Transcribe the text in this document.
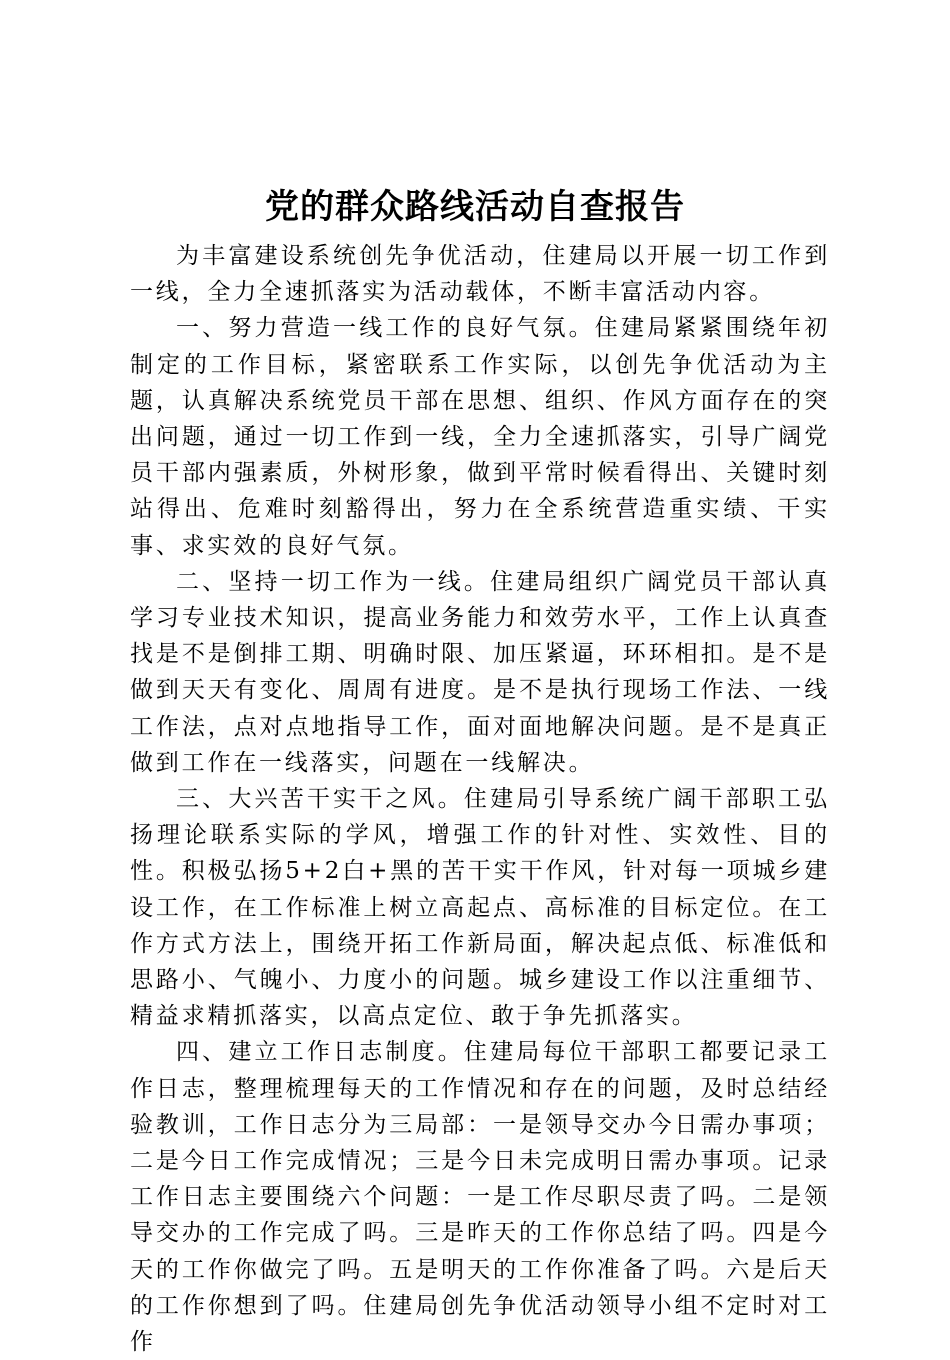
党的群众路线活动自查报告

为丰富建设系统创先争优活动，住建局以开展一切工作到一线，全力全速抓落实为活动载体，不断丰富活动内容。

一、努力营造一线工作的良好气氛。住建局紧紧围绕年初制定的工作目标，紧密联系工作实际，以创先争优活动为主题，认真解决系统党员干部在思想、组织、作风方面存在的突出问题，通过一切工作到一线，全力全速抓落实，引导广阔党员干部内强素质，外树形象，做到平常时候看得出、关键时刻站得出、危难时刻豁得出，努力在全系统营造重实绩、干实事、求实效的良好气氛。

二、坚持一切工作为一线。住建局组织广阔党员干部认真学习专业技术知识，提高业务能力和效劳水平，工作上认真查找是不是倒排工期、明确时限、加压紧逼，环环相扣。是不是做到天天有变化、周周有进度。是不是执行现场工作法、一线工作法，点对点地指导工作，面对面地解决问题。是不是真正做到工作在一线落实，问题在一线解决。

三、大兴苦干实干之风。住建局引导系统广阔干部职工弘扬理论联系实际的学风，增强工作的针对性、实效性、目的性。积极弘扬5+2白+黑的苦干实干作风，针对每一项城乡建设工作，在工作标准上树立高起点、高标准的目标定位。在工作方式方法上，围绕开拓工作新局面，解决起点低、标准低和思路小、气魄小、力度小的问题。城乡建设工作以注重细节、精益求精抓落实，以高点定位、敢于争先抓落实。

四、建立工作日志制度。住建局每位干部职工都要记录工作日志，整理梳理每天的工作情况和存在的问题，及时总结经验教训，工作日志分为三局部：一是领导交办今日需办事项；二是今日工作完成情况；三是今日未完成明日需办事项。记录工作日志主要围绕六个问题：一是工作尽职尽责了吗。二是领导交办的工作完成了吗。三是昨天的工作你总结了吗。四是今天的工作你做完了吗。五是明天的工作你准备了吗。六是后天的工作你想到了吗。住建局创先争优活动领导小组不定时对工作
